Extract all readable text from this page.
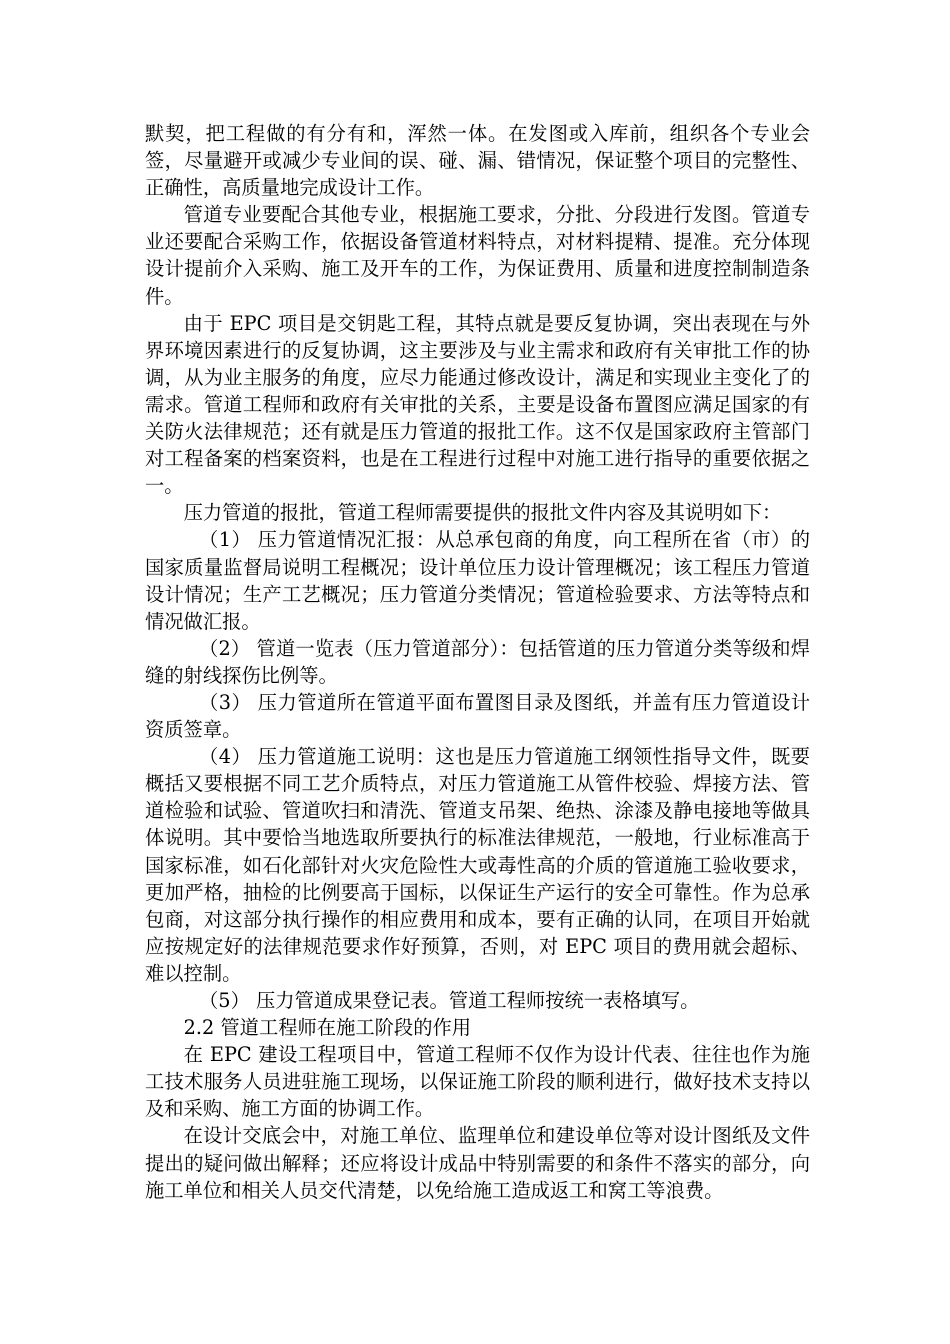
默契，把工程做的有分有和，浑然一体。在发图或入库前，组织各个专业会签，尽量避开或减少专业间的误、碰、漏、错情况，保证整个项目的完整性、正确性，高质量地完成设计工作。

管道专业要配合其他专业，根据施工要求，分批、分段进行发图。管道专业还要配合采购工作，依据设备管道材料特点，对材料提精、提准。充分体现设计提前介入采购、施工及开车的工作，为保证费用、质量和进度控制制造条件。

由于 EPC 项目是交钥匙工程，其特点就是要反复协调，突出表现在与外界环境因素进行的反复协调，这主要涉及与业主需求和政府有关审批工作的协调，从为业主服务的角度，应尽力能通过修改设计，满足和实现业主变化了的需求。管道工程师和政府有关审批的关系，主要是设备布置图应满足国家的有关防火法律规范；还有就是压力管道的报批工作。这不仅是国家政府主管部门对工程备案的档案资料，也是在工程进行过程中对施工进行指导的重要依据之一。

压力管道的报批，管道工程师需要提供的报批文件内容及其说明如下：

（1） 压力管道情况汇报：从总承包商的角度，向工程所在省（市）的国家质量监督局说明工程概况；设计单位压力设计管理概况；该工程压力管道设计情况；生产工艺概况；压力管道分类情况；管道检验要求、方法等特点和情况做汇报。

（2） 管道一览表（压力管道部分）：包括管道的压力管道分类等级和焊缝的射线探伤比例等。

（3） 压力管道所在管道平面布置图目录及图纸，并盖有压力管道设计资质签章。

（4） 压力管道施工说明：这也是压力管道施工纲领性指导文件，既要概括又要根据不同工艺介质特点，对压力管道施工从管件校验、焊接方法、管道检验和试验、管道吹扫和清洗、管道支吊架、绝热、涂漆及静电接地等做具体说明。其中要恰当地选取所要执行的标准法律规范，一般地，行业标准高于国家标准，如石化部针对火灾危险性大或毒性高的介质的管道施工验收要求，更加严格，抽检的比例要高于国标，以保证生产运行的安全可靠性。作为总承包商，对这部分执行操作的相应费用和成本，要有正确的认同，在项目开始就应按规定好的法律规范要求作好预算，否则，对 EPC 项目的费用就会超标、难以控制。

（5） 压力管道成果登记表。管道工程师按统一表格填写。

2.2 管道工程师在施工阶段的作用

在 EPC 建设工程项目中，管道工程师不仅作为设计代表、往往也作为施工技术服务人员进驻施工现场，以保证施工阶段的顺利进行，做好技术支持以及和采购、施工方面的协调工作。

在设计交底会中，对施工单位、监理单位和建设单位等对设计图纸及文件提出的疑问做出解释；还应将设计成品中特别需要的和条件不落实的部分，向施工单位和相关人员交代清楚，以免给施工造成返工和窝工等浪费。
